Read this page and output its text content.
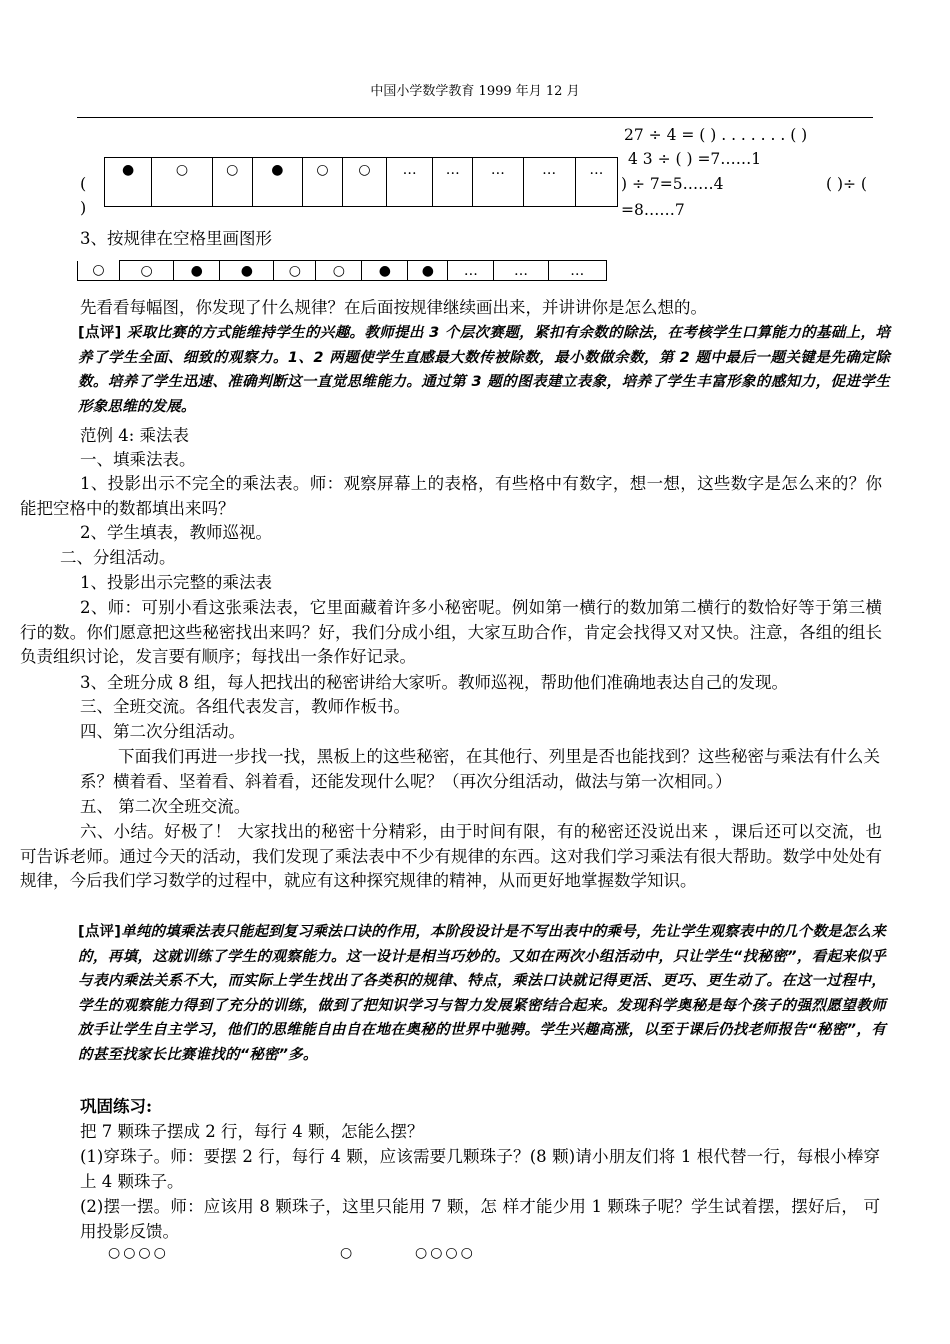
中国小学数学教育 1999 年月 12 月
27 ÷ 4 = ( ) . . . . . . . ( )
4 3 ÷ ( ) =7……1
) ÷ 7=5……4	( )÷ (
=8……7
(
)
●	○	○	●	○	○	…	…	…	…	…
3、按规律在空格里画图形
○	○	●	●	○	○	●	●	…	…	…
先看看每幅图，你发现了什么规律？在后面按规律继续画出来，并讲讲你是怎么想的。
[点评] 采取比赛的方式能维持学生的兴趣。教师提出 3 个层次赛题，紧扣有余数的除法，在考核学生口算能力的基础上，培养了学生全面、细致的观察力。1、2 两题使学生直感最大数传被除数，最小数做余数，第 2 题中最后一题关键是先确定除数。培养了学生迅速、准确判断这一直觉思维能力。通过第 3 题的图表建立表象，培养了学生丰富形象的感知力，促进学生形象思维的发展。
范例 4: 乘法表
一、填乘法表。
1、投影出示不完全的乘法表。师：观察屏幕上的表格，有些格中有数字，想一想，这些数字是怎么来的？你能把空格中的数都填出来吗？
2、学生填表，教师巡视。
二、分组活动。
1、投影出示完整的乘法表
2、师：可别小看这张乘法表，它里面藏着许多小秘密呢。例如第一横行的数加第二横行的数恰好等于第三横行的数。你们愿意把这些秘密找出来吗？好，我们分成小组，大家互助合作，肯定会找得又对又快。注意，各组的组长负责组织讨论，发言要有顺序；每找出一条作好记录。
3、全班分成 8 组，每人把找出的秘密讲给大家听。教师巡视，帮助他们准确地表达自己的发现。
三、全班交流。各组代表发言，教师作板书。
四、第二次分组活动。
下面我们再进一步找一找，黑板上的这些秘密，在其他行、列里是否也能找到？这些秘密与乘法有什么关系？横着看、坚着看、斜着看，还能发现什么呢？（再次分组活动，做法与第一次相同。）
五、 第二次全班交流。
六、小结。好极了！ 大家找出的秘密十分精彩，由于时间有限，有的秘密还没说出来 ，课后还可以交流，也可告诉老师。通过今天的活动，我们发现了乘法表中不少有规律的东西。这对我们学习乘法有很大帮助。数学中处处有规律，今后我们学习数学的过程中，就应有这种探究规律的精神，从而更好地掌握数学知识。
[点评]单纯的填乘法表只能起到复习乘法口诀的作用，本阶段设计是不写出表中的乘号，先让学生观察表中的几个数是怎么来的，再填，这就训练了学生的观察能力。这一设计是相当巧妙的。又如在两次小组活动中，只让学生“找秘密”，看起来似乎与表内乘法关系不大，而实际上学生找出了各类积的规律、特点，乘法口诀就记得更活、更巧、更生动了。在这一过程中，学生的观察能力得到了充分的训练，做到了把知识学习与智力发展紧密结合起来。发现科学奥秘是每个孩子的强烈愿望教师放手让学生自主学习，他们的思维能自由自在地在奥秘的世界中驰骋。学生兴趣高涨，以至于课后仍找老师报告“秘密”，有的甚至找家长比赛谁找的“秘密”多。
巩固练习:
把 7 颗珠子摆成 2 行，每行 4 颗，怎能么摆？
(1)穿珠子。师：要摆 2 行，每行 4 颗，应该需要几颗珠子？(8 颗)请小朋友们将 1 根代替一行，每根小棒穿上 4 颗珠子。
(2)摆一摆。师：应该用 8 颗珠子，这里只能用 7 颗，怎 样才能少用 1 颗珠子呢？学生试着摆，摆好后， 可用投影反馈。
○○○○	○	○○○○
